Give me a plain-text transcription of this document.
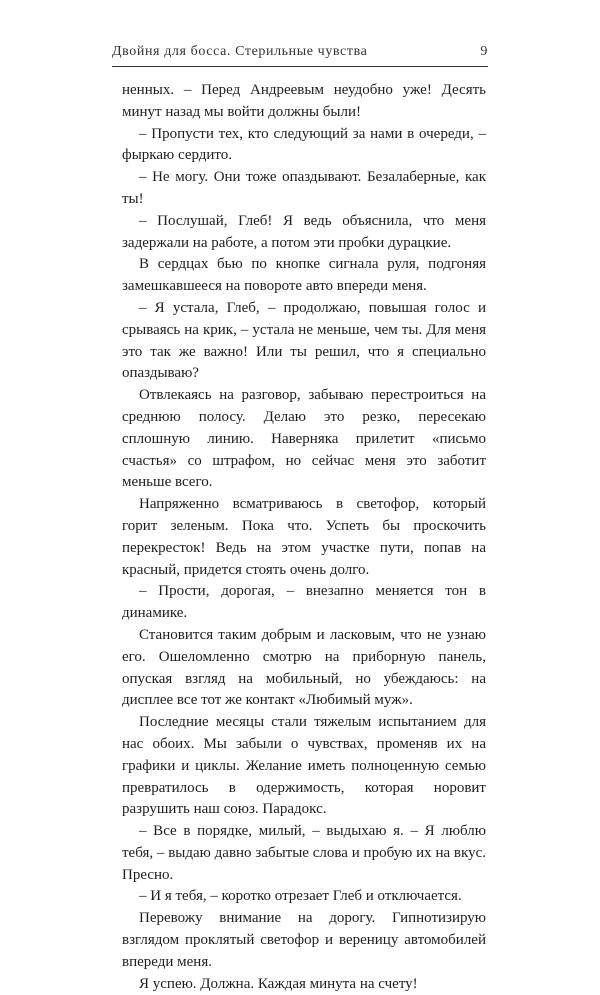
Двойня для босса. Стерильные чувства	9

ненных. – Перед Андреевым неудобно уже! Десять минут назад мы войти должны были!

– Пропусти тех, кто следующий за нами в очереди, – фыркаю сердито.

– Не могу. Они тоже опаздывают. Безалаберные, как ты!

– Послушай, Глеб! Я ведь объяснила, что меня задержали на работе, а потом эти пробки дурацкие.

В сердцах бью по кнопке сигнала руля, подгоняя замешкавшееся на повороте авто впереди меня.

– Я устала, Глеб, – продолжаю, повышая голос и срываясь на крик, – устала не меньше, чем ты. Для меня это так же важно! Или ты решил, что я специально опаздываю?

Отвлекаясь на разговор, забываю перестроиться на среднюю полосу. Делаю это резко, пересекаю сплошную линию. Наверняка прилетит «письмо счастья» со штрафом, но сейчас меня это заботит меньше всего.

Напряженно всматриваюсь в светофор, который горит зеленым. Пока что. Успеть бы проскочить перекресток! Ведь на этом участке пути, попав на красный, придется стоять очень долго.

– Прости, дорогая, – внезапно меняется тон в динамике.

Становится таким добрым и ласковым, что не узнаю его. Ошеломленно смотрю на приборную панель, опуская взгляд на мобильный, но убеждаюсь: на дисплее все тот же контакт «Любимый муж».

Последние месяцы стали тяжелым испытанием для нас обоих. Мы забыли о чувствах, променяв их на графики и циклы. Желание иметь полноценную семью превратилось в одержимость, которая норовит разрушить наш союз. Парадокс.

– Все в порядке, милый, – выдыхаю я. – Я люблю тебя, – выдаю давно забытые слова и пробую их на вкус. Пресно.

– И я тебя, – коротко отрезает Глеб и отключается.

Перевожу внимание на дорогу. Гипнотизирую взглядом проклятый светофор и вереницу автомобилей впереди меня.

Я успею. Должна. Каждая минута на счету!
